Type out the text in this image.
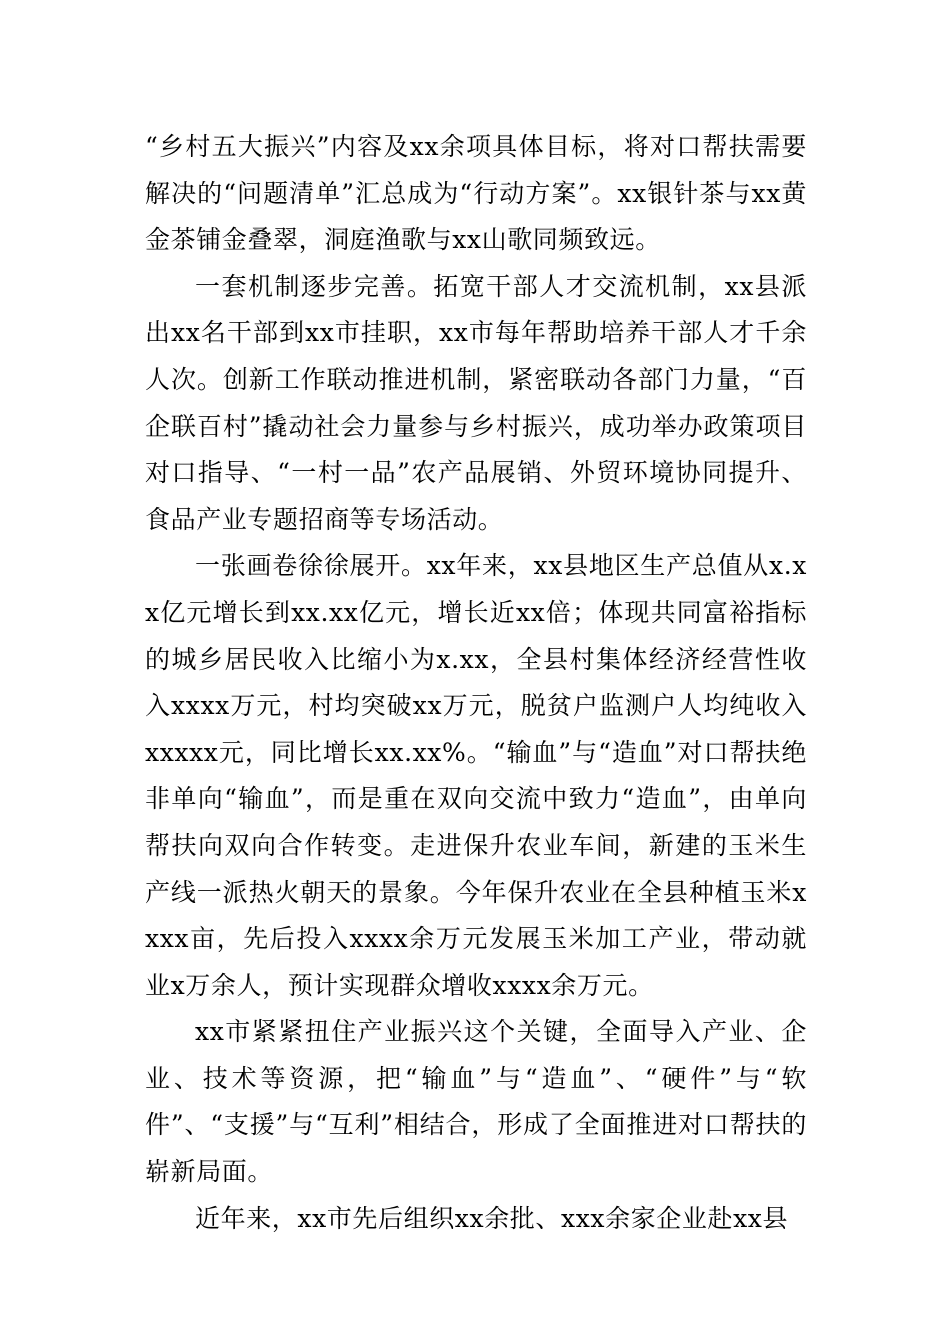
“乡村五大振兴”内容及xx余项具体目标，将对口帮扶需要解决的“问题清单”汇总成为“行动方案”。xx银针茶与xx黄金茶铺金叠翠，洞庭渔歌与xx山歌同频致远。

一套机制逐步完善。拓宽干部人才交流机制，xx县派出xx名干部到xx市挂职，xx市每年帮助培养干部人才千余人次。创新工作联动推进机制，紧密联动各部门力量，“百企联百村”撬动社会力量参与乡村振兴，成功举办政策项目对口指导、“一村一品”农产品展销、外贸环境协同提升、食品产业专题招商等专场活动。

一张画卷徐徐展开。xx年来，xx县地区生产总值从x.xx亿元增长到xx.xx亿元，增长近xx倍；体现共同富裕指标的城乡居民收入比缩小为x.xx，全县村集体经济经营性收入xxxx万元，村均突破xx万元，脱贫户监测户人均纯收入xxxxx元，同比增长xx.xx%。“输血”与“造血”对口帮扶绝非单向“输血”，而是重在双向交流中致力“造血”，由单向帮扶向双向合作转变。走进保升农业车间，新建的玉米生产线一派热火朝天的景象。今年保升农业在全县种植玉米xxxx亩，先后投入xxxx余万元发展玉米加工产业，带动就业x万余人，预计实现群众增收xxxx余万元。

xx市紧紧扭住产业振兴这个关键，全面导入产业、企业、技术等资源，把“输血”与“造血”、“硬件”与“软件”、“支援”与“互利”相结合，形成了全面推进对口帮扶的崭新局面。

近年来，xx市先后组织xx余批、xxx余家企业赴xx县
